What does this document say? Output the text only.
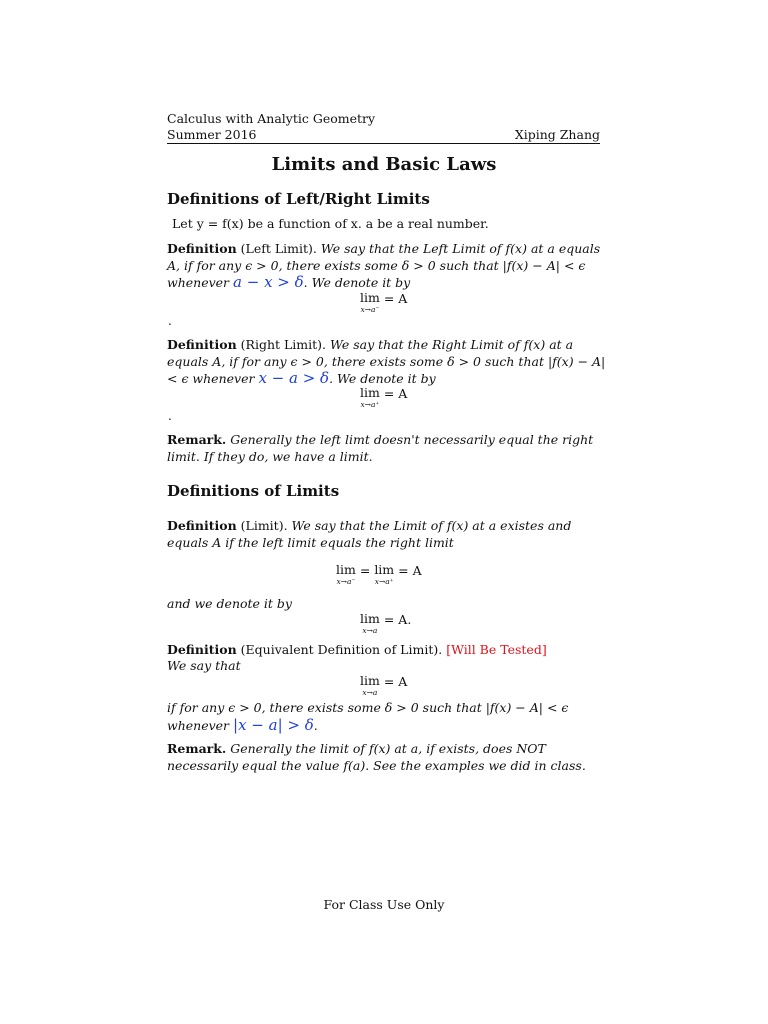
Calculus with Analytic Geometry
Summer 2016	Xiping Zhang
Limits and Basic Laws
Definitions of Left/Right Limits
Let y = f(x) be a function of x. a be a real number.
Definition (Left Limit). We say that the Left Limit of f(x) at a equals A, if for any ϵ > 0, there exists some δ > 0 such that |f(x) − A| < ϵ whenever a − x > δ. We denote it by
lim
x→a⁻
= A
.
Definition (Right Limit). We say that the Right Limit of f(x) at a equals A, if for any ϵ > 0, there exists some δ > 0 such that |f(x) − A| < ϵ whenever x − a > δ. We denote it by
lim
x→a⁺
= A
.
Remark. Generally the left limt doesn't necessarily equal the right limit. If they do, we have a limit.
Definitions of Limits
Definition (Limit). We say that the Limit of f(x) at a existes and equals A if the left limit equals the right limit
lim
x→a⁻
= lim
x→a⁺
= A
and we denote it by
lim
x→a
= A.
Definition (Equivalent Definition of Limit). [Will Be Tested]
We say that
lim
x→a
= A
if for any ϵ > 0, there exists some δ > 0 such that |f(x) − A| < ϵ whenever |x − a| > δ.
Remark. Generally the limit of f(x) at a, if exists, does NOT necessarily equal the value f(a). See the examples we did in class.
For Class Use Only
